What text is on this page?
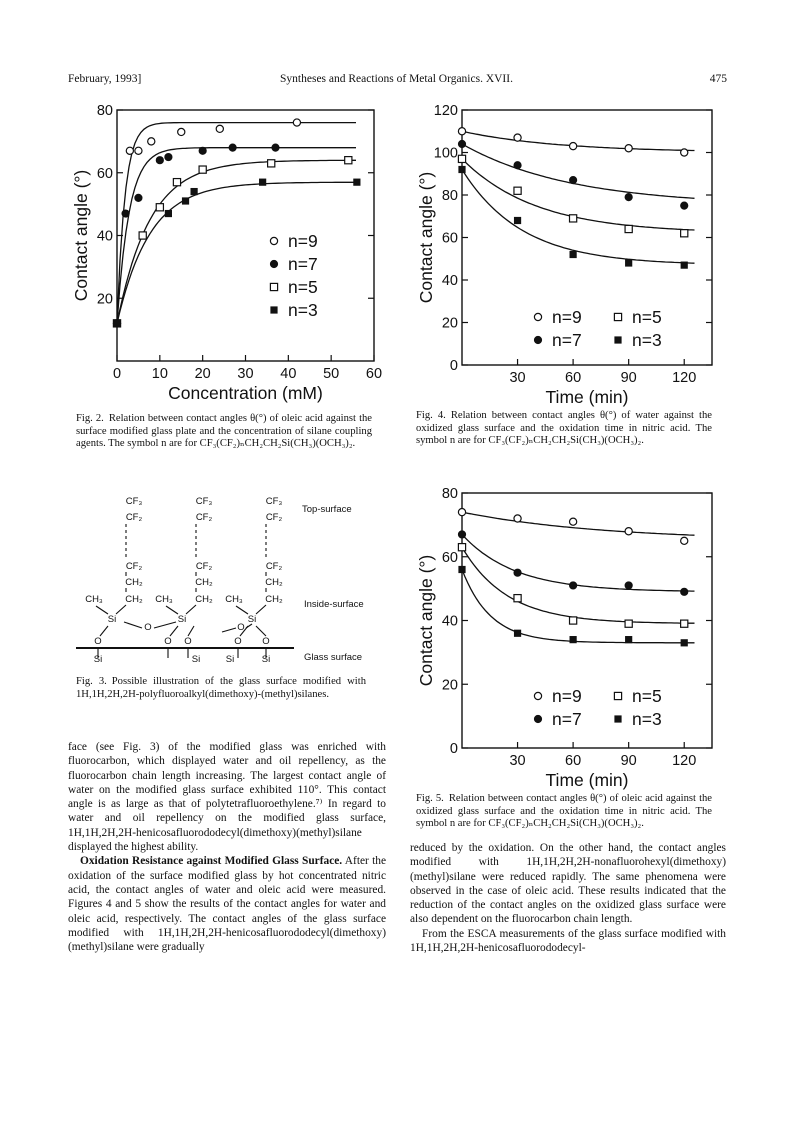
February, 1993]	Syntheses and Reactions of Metal Organics. XVII.	475
0 10 20 30 40 50 60
20
40
60
80
Concentration (mM)
Contact angle (°)	n=9
n=7
n=5
n=3
Fig. 2. Relation between contact angles θ(°) of oleic acid against the surface modified glass plate and the concentration of silane coupling agents. The symbol n are for CF₃(CF₂)ₙCH₂CH₂Si(CH₃)(OCH₃)₂.
CF₃
CF₂
CF₂
CH₂
CH₂
CH₃
Si
O
CF₃
CF₂
CF₂
CH₂
CH₂
CH₃
Si
O
CF₃
CF₂
CF₂
CH₂
CH₂
CH₃
Si
O
O	O
O	O
Si	Si	Si	Si
Top-surface
Inside-surface
Glass surface
Fig. 3. Possible illustration of the glass surface modified with 1H,1H,2H,2H-polyfluoroalkyl(dimethoxy)-(methyl)silanes.
30	60	90 120
0
20
40
60
80
100
120
Time (min)
Contact angle (°)
n=9
n=7
n=5
n=3
Fig. 4. Relation between contact angles θ(°) of water against the oxidized glass surface and the oxidation time in nitric acid. The symbol n are for CF₃(CF₂)ₙCH₂CH₂Si(CH₃)(OCH₃)₂.
30	60	90 120
0
20
40
60
80
Time (min)
Contact angle (°)
n=9
n=7
n=5
n=3
Fig. 5. Relation between contact angles θ(°) of oleic acid against the oxidized glass surface and the oxidation time in nitric acid. The symbol n are for CF₃(CF₂)ₙCH₂CH₂Si(CH₃)(OCH₃)₂.

face (see Fig. 3) of the modified glass was enriched with fluorocarbon, which displayed water and oil repellency, as the fluorocarbon chain length increasing. The largest contact angle of water on the modified glass surface exhibited 110°. This contact angle is as large as that of polytetrafluoroethylene.⁷⁾ In regard to water and oil repellency on the modified glass surface, 1H,1H,2H,2H-henicosafluorododecyl(dimethoxy)(methyl)silane displayed the highest ability.

Oxidation Resistance against Modified Glass Surface. After the oxidation of the surface modified glass by hot concentrated nitric acid, the contact angles of water and oleic acid were measured. Figures 4 and 5 show the results of the contact angles for water and oleic acid, respectively. The contact angles of the glass surface modified with 1H,1H,2H,2H-henicosafluorododecyl(dimethoxy)(methyl)silane were gradually

reduced by the oxidation. On the other hand, the contact angles modified with 1H,1H,2H,2H-nonafluorohexyl(dimethoxy)(methyl)silane were reduced rapidly. The same phenomena were observed in the case of oleic acid. These results indicated that the reduction of the contact angles on the oxidized glass surface were also dependent on the fluorocarbon chain length.

From the ESCA measurements of the glass surface modified with 1H,1H,2H,2H-henicosafluorododecyl-
